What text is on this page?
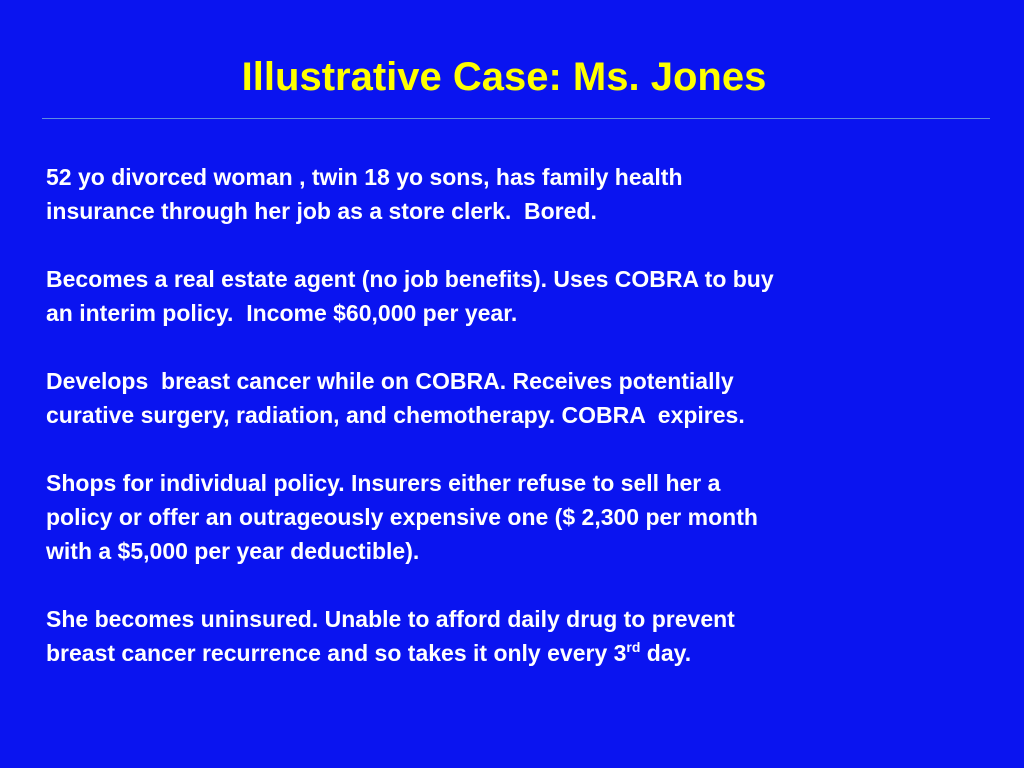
Illustrative Case: Ms. Jones

52 yo divorced woman , twin 18 yo sons, has family health
insurance through her job as a store clerk.  Bored.

Becomes a real estate agent (no job benefits). Uses COBRA to buy
an interim policy.  Income $60,000 per year.

Develops  breast cancer while on COBRA. Receives potentially
curative surgery, radiation, and chemotherapy. COBRA  expires.

Shops for individual policy. Insurers either refuse to sell her a
policy or offer an outrageously expensive one ($ 2,300 per month
with a $5,000 per year deductible).

She becomes uninsured. Unable to afford daily drug to prevent
breast cancer recurrence and so takes it only every 3rd day.
